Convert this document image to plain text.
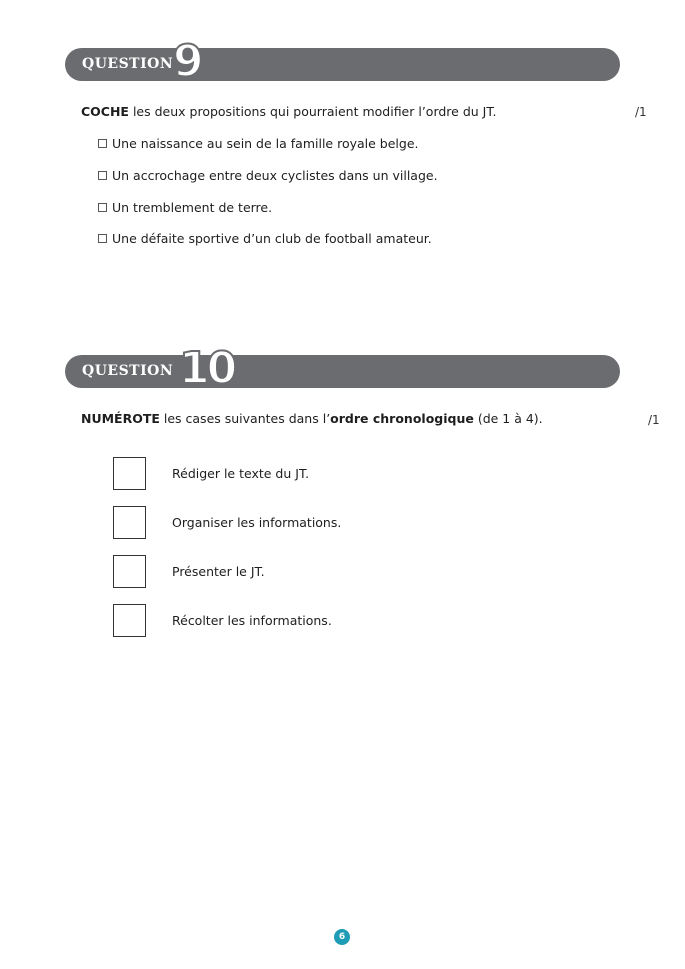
QUESTION 9
COCHE les deux propositions qui pourraient modifier l’ordre du JT.	/1
Une naissance au sein de la famille royale belge.
Un accrochage entre deux cyclistes dans un village.
Un tremblement de terre.
Une défaite sportive d’un club de football amateur.
QUESTION 10
NUMÉROTE les cases suivantes dans l’ordre chronologique (de 1 à 4).	/1
Rédiger le texte du JT.
Organiser les informations.
Présenter le JT.
Récolter les informations.
6
